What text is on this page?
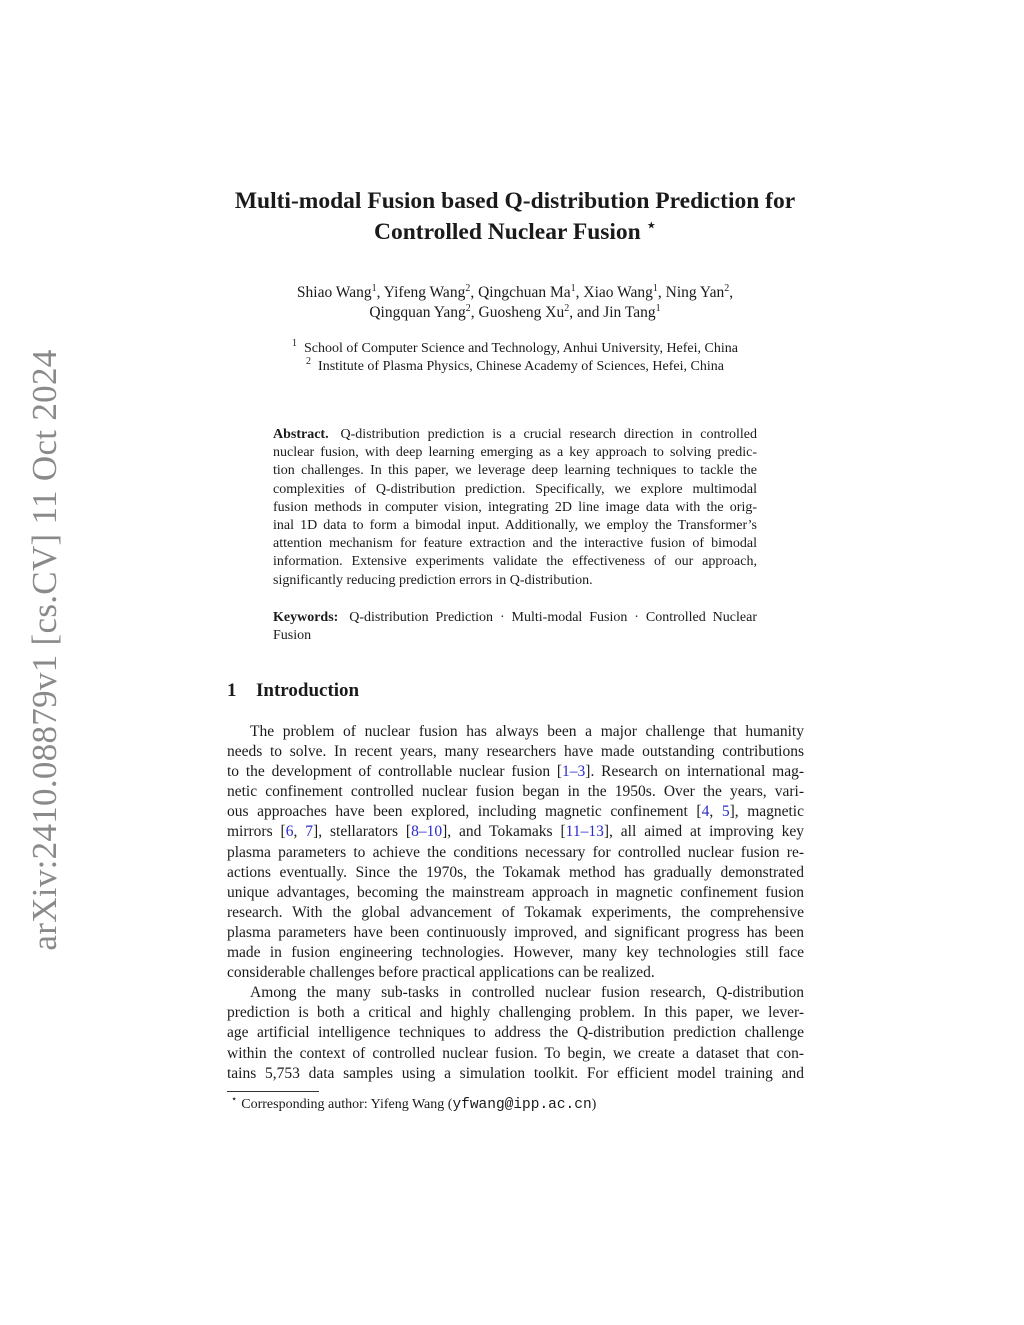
arXiv:2410.08879v1 [cs.CV] 11 Oct 2024
Multi-modal Fusion based Q-distribution Prediction for
Controlled Nuclear Fusion ⋆
Shiao Wang$^1$, Yifeng Wang$^2$, Qingchuan Ma$^1$, Xiao Wang$^1$, Ning Yan$^2$,
Qingquan Yang$^2$, Guosheng Xu$^2$, and Jin Tang$^1$
$^1$ School of Computer Science and Technology, Anhui University, Hefei, China
$^2$ Institute of Plasma Physics, Chinese Academy of Sciences, Hefei, China
Abstract. Q-distribution prediction is a crucial research direction in controlled
nuclear fusion, with deep learning emerging as a key approach to solving predic-
tion challenges. In this paper, we leverage deep learning techniques to tackle the
complexities of Q-distribution prediction. Specifically, we explore multimodal
fusion methods in computer vision, integrating 2D line image data with the orig-
inal 1D data to form a bimodal input. Additionally, we employ the Transformer’s
attention mechanism for feature extraction and the interactive fusion of bimodal
information. Extensive experiments validate the effectiveness of our approach,
significantly reducing prediction errors in Q-distribution.
Keywords: Q-distribution Prediction · Multi-modal Fusion · Controlled Nuclear
Fusion
1 Introduction
The problem of nuclear fusion has always been a major challenge that humanity
needs to solve. In recent years, many researchers have made outstanding contributions
to the development of controllable nuclear fusion [1–3]. Research on international mag-
netic confinement controlled nuclear fusion began in the 1950s. Over the years, vari-
ous approaches have been explored, including magnetic confinement [4, 5], magnetic
mirrors [6, 7], stellarators [8–10], and Tokamaks [11–13], all aimed at improving key
plasma parameters to achieve the conditions necessary for controlled nuclear fusion re-
actions eventually. Since the 1970s, the Tokamak method has gradually demonstrated
unique advantages, becoming the mainstream approach in magnetic confinement fusion
research. With the global advancement of Tokamak experiments, the comprehensive
plasma parameters have been continuously improved, and significant progress has been
made in fusion engineering technologies. However, many key technologies still face
considerable challenges before practical applications can be realized.
Among the many sub-tasks in controlled nuclear fusion research, Q-distribution
prediction is both a critical and highly challenging problem. In this paper, we lever-
age artificial intelligence techniques to address the Q-distribution prediction challenge
within the context of controlled nuclear fusion. To begin, we create a dataset that con-
tains 5,753 data samples using a simulation toolkit. For efficient model training and
⋆ Corresponding author: Yifeng Wang (yfwang@ipp.ac.cn)
